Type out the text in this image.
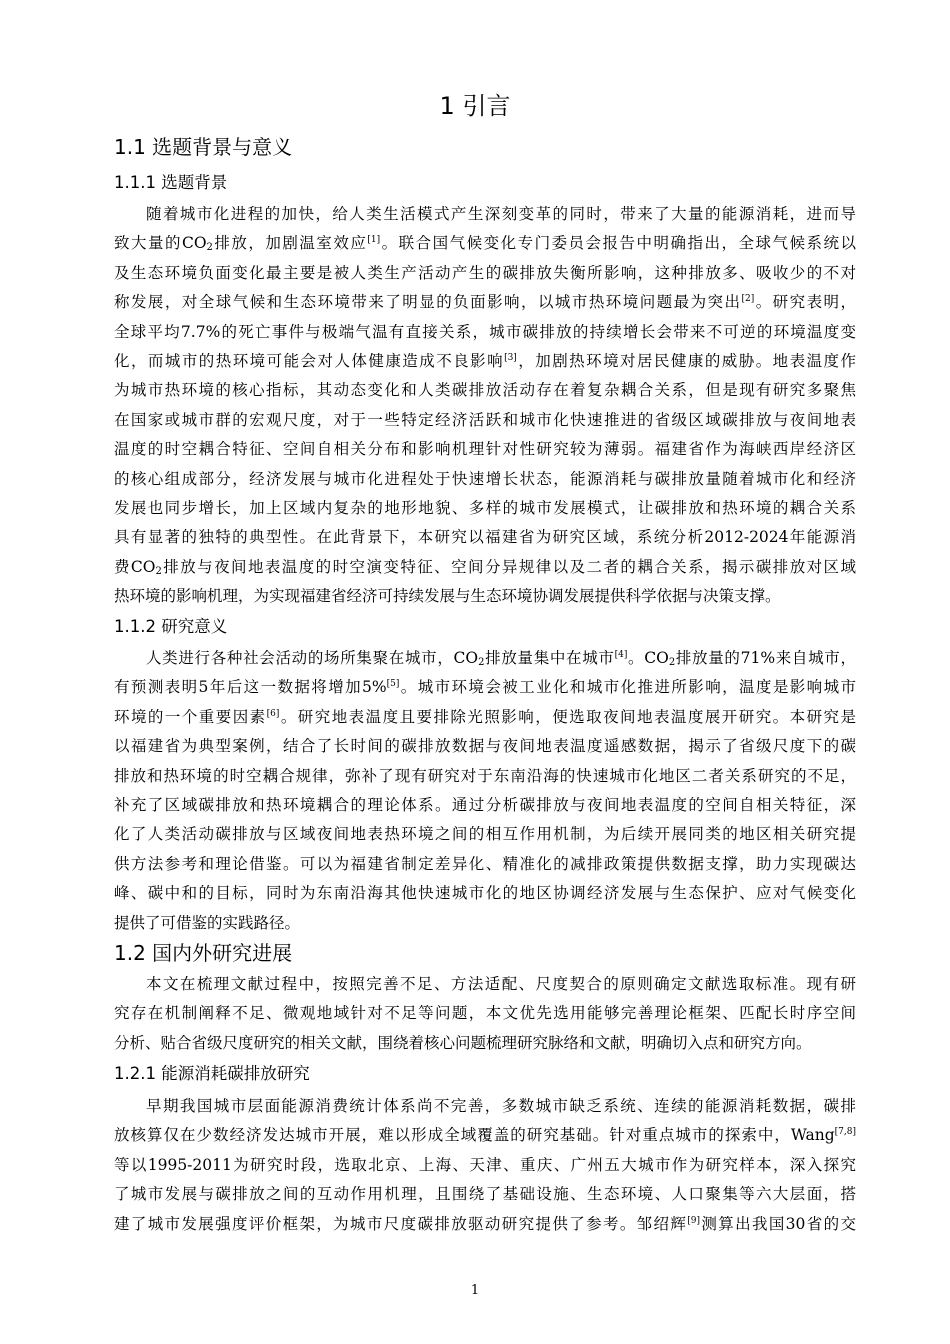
1 引言
1.1 选题背景与意义
1.1.1 选题背景
随着城市化进程的加快，给人类生活模式产生深刻变革的同时，带来了大量的能源消耗，进而导
致大量的$CO_2$排放，加剧温室效应[1]。联合国气候变化专门委员会报告中明确指出，全球气候系统以
及生态环境负面变化最主要是被人类生产活动产生的碳排放失衡所影响，这种排放多、吸收少的不对
称发展，对全球气候和生态环境带来了明显的负面影响，以城市热环境问题最为突出[2]。研究表明，
全球平均7.7%的死亡事件与极端气温有直接关系，城市碳排放的持续增长会带来不可逆的环境温度变
化，而城市的热环境可能会对人体健康造成不良影响[3]，加剧热环境对居民健康的威胁。地表温度作
为城市热环境的核心指标，其动态变化和人类碳排放活动存在着复杂耦合关系，但是现有研究多聚焦
在国家或城市群的宏观尺度，对于一些特定经济活跃和城市化快速推进的省级区域碳排放与夜间地表
温度的时空耦合特征、空间自相关分布和影响机理针对性研究较为薄弱。福建省作为海峡西岸经济区
的核心组成部分，经济发展与城市化进程处于快速增长状态，能源消耗与碳排放量随着城市化和经济
发展也同步增长，加上区域内复杂的地形地貌、多样的城市发展模式，让碳排放和热环境的耦合关系
具有显著的独特的典型性。在此背景下，本研究以福建省为研究区域，系统分析2012-2024年能源消
费$CO_2$排放与夜间地表温度的时空演变特征、空间分异规律以及二者的耦合关系，揭示碳排放对区域
热环境的影响机理，为实现福建省经济可持续发展与生态环境协调发展提供科学依据与决策支撑。
1.1.2 研究意义
人类进行各种社会活动的场所集聚在城市，$CO_2$排放量集中在城市[4]。$CO_2$排放量的71%来自城市，
有预测表明5年后这一数据将增加5%[5]。城市环境会被工业化和城市化推进所影响，温度是影响城市
环境的一个重要因素[6]。研究地表温度且要排除光照影响，便选取夜间地表温度展开研究。本研究是
以福建省为典型案例，结合了长时间的碳排放数据与夜间地表温度遥感数据，揭示了省级尺度下的碳
排放和热环境的时空耦合规律，弥补了现有研究对于东南沿海的快速城市化地区二者关系研究的不足，
补充了区域碳排放和热环境耦合的理论体系。通过分析碳排放与夜间地表温度的空间自相关特征，深
化了人类活动碳排放与区域夜间地表热环境之间的相互作用机制，为后续开展同类的地区相关研究提
供方法参考和理论借鉴。可以为福建省制定差异化、精准化的减排政策提供数据支撑，助力实现碳达
峰、碳中和的目标，同时为东南沿海其他快速城市化的地区协调经济发展与生态保护、应对气候变化
提供了可借鉴的实践路径。
1.2 国内外研究进展
本文在梳理文献过程中，按照完善不足、方法适配、尺度契合的原则确定文献选取标准。现有研
究存在机制阐释不足、微观地域针对不足等问题，本文优先选用能够完善理论框架、匹配长时序空间
分析、贴合省级尺度研究的相关文献，围绕着核心问题梳理研究脉络和文献，明确切入点和研究方向。
1.2.1 能源消耗碳排放研究
早期我国城市层面能源消费统计体系尚不完善，多数城市缺乏系统、连续的能源消耗数据，碳排
放核算仅在少数经济发达城市开展，难以形成全域覆盖的研究基础。针对重点城市的探索中，Wang[7,8]
等以1995-2011为研究时段，选取北京、上海、天津、重庆、广州五大城市作为研究样本，深入探究
了城市发展与碳排放之间的互动作用机理，且围绕了基础设施、生态环境、人口聚集等六大层面，搭
建了城市发展强度评价框架，为城市尺度碳排放驱动研究提供了参考。邹绍辉[9]测算出我国30省的交
1
